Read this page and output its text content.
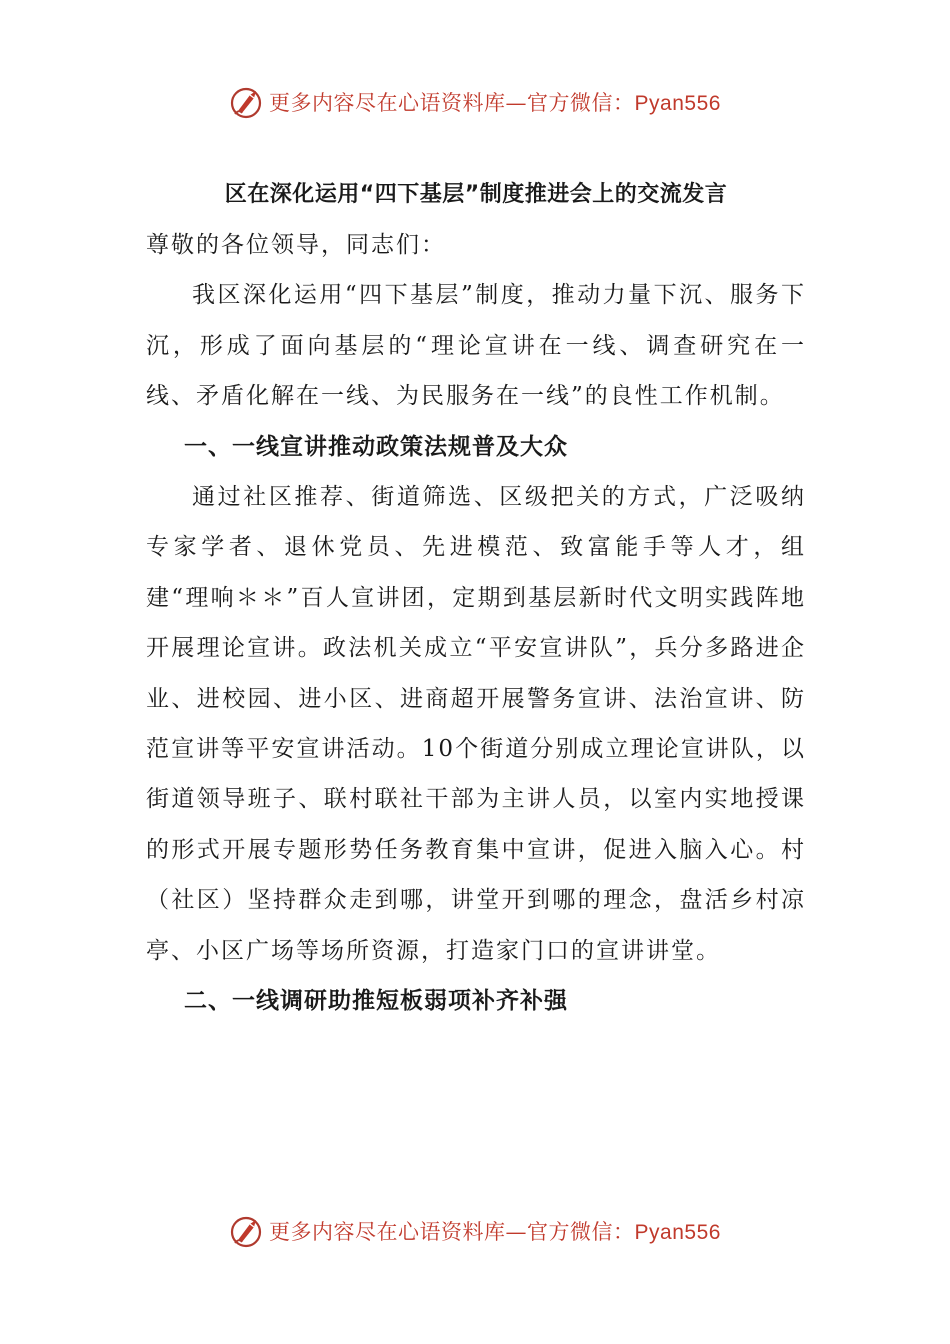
更多内容尽在心语资料库—官方微信：Pyan556
区在深化运用“四下基层”制度推进会上的交流发言

尊敬的各位领导，同志们：

我区深化运用“四下基层”制度，推动力量下沉、服务下沉，形成了面向基层的“理论宣讲在一线、调查研究在一线、矛盾化解在一线、为民服务在一线”的良性工作机制。

一、一线宣讲推动政策法规普及大众

通过社区推荐、街道筛选、区级把关的方式，广泛吸纳专家学者、退休党员、先进模范、致富能手等人才，组建“理响＊＊”百人宣讲团，定期到基层新时代文明实践阵地开展理论宣讲。政法机关成立“平安宣讲队”，兵分多路进企业、进校园、进小区、进商超开展警务宣讲、法治宣讲、防范宣讲等平安宣讲活动。10个街道分别成立理论宣讲队，以街道领导班子、联村联社干部为主讲人员，以室内实地授课的形式开展专题形势任务教育集中宣讲，促进入脑入心。村（社区）坚持群众走到哪，讲堂开到哪的理念，盘活乡村凉亭、小区广场等场所资源，打造家门口的宣讲讲堂。

二、一线调研助推短板弱项补齐补强

更多内容尽在心语资料库—官方微信：Pyan556
